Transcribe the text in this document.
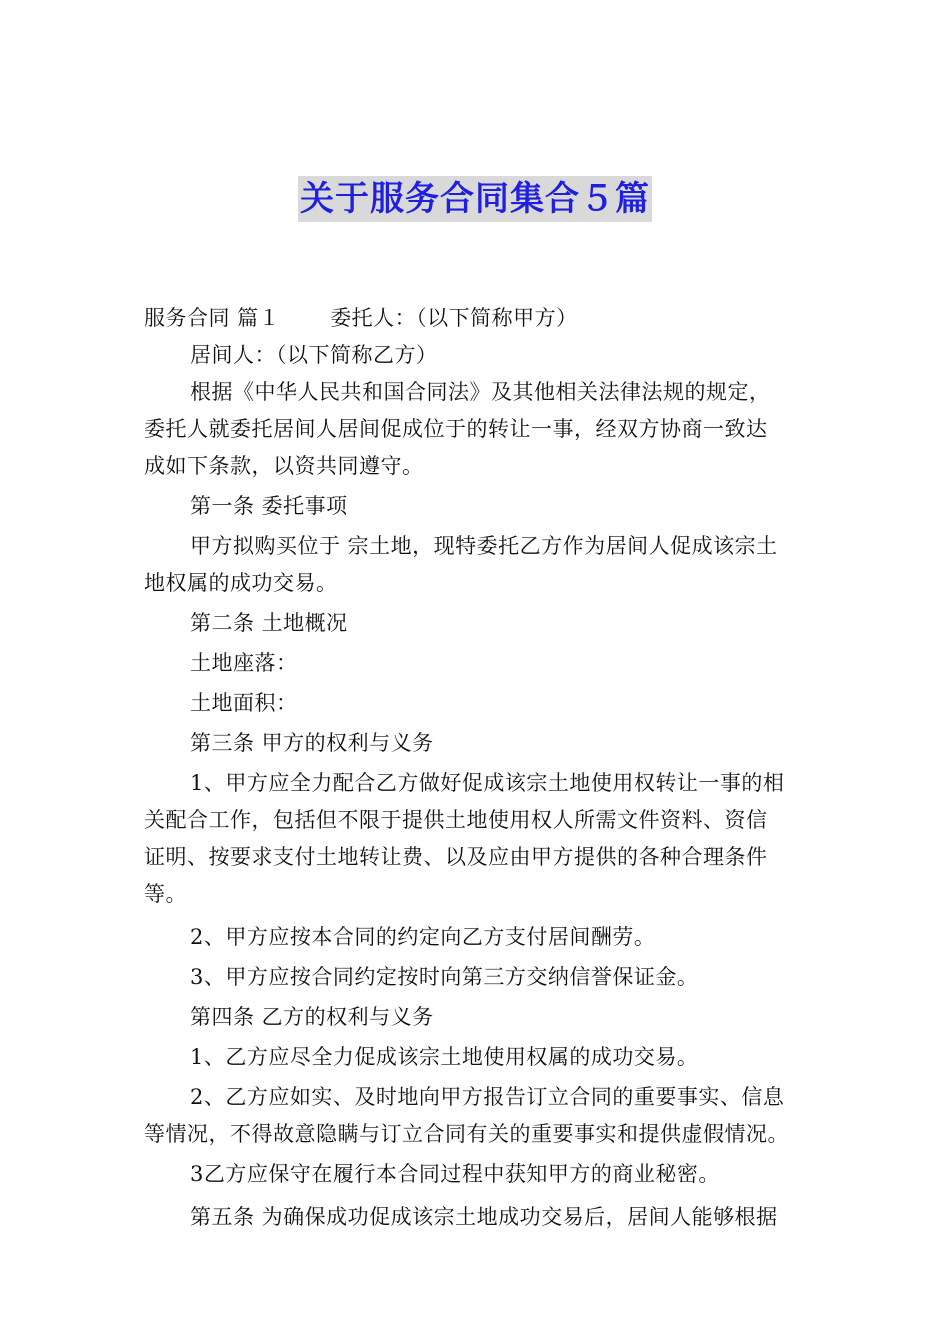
关于服务合同集合５篇
服务合同 篇１ 委托人：（以下简称甲方）
居间人：（以下简称乙方）
根据《中华人民共和国合同法》及其他相关法律法规的规定，
委托人就委托居间人居间促成位于的转让一事，经双方协商一致达
成如下条款，以资共同遵守。
第一条 委托事项
甲方拟购买位于 宗土地，现特委托乙方作为居间人促成该宗土
地权属的成功交易。
第二条 土地概况
土地座落：
土地面积：
第三条 甲方的权利与义务
1、甲方应全力配合乙方做好促成该宗土地使用权转让一事的相
关配合工作，包括但不限于提供土地使用权人所需文件资料、资信
证明、按要求支付土地转让费、以及应由甲方提供的各种合理条件
等。
2、甲方应按本合同的约定向乙方支付居间酬劳。
3、甲方应按合同约定按时向第三方交纳信誉保证金。
第四条 乙方的权利与义务
1、乙方应尽全力促成该宗土地使用权属的成功交易。
2、乙方应如实、及时地向甲方报告订立合同的重要事实、信息
等情况，不得故意隐瞒与订立合同有关的重要事实和提供虚假情况。
3乙方应保守在履行本合同过程中获知甲方的商业秘密。
第五条 为确保成功促成该宗土地成功交易后，居间人能够根据
